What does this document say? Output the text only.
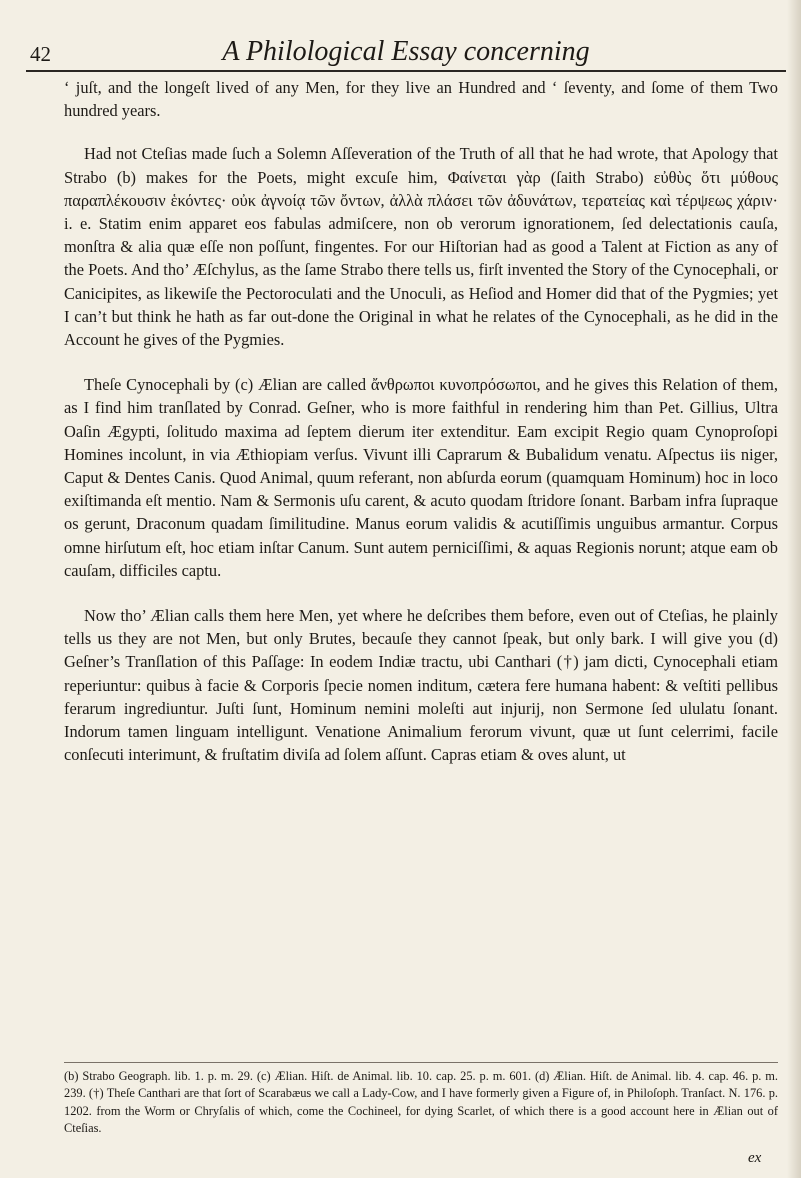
42	A Philological Essay concerning

‘ juſt, and the longeſt lived of any Men, for they live an Hundred and ‘ ſeventy, and ſome of them Two hundred years.

Had not Cteſias made ſuch a Solemn Aſſeveration of the Truth of all that he had wrote, that Apology that Strabo (b) makes for the Poets, might excuſe him, Φαίνεται γὰρ (ſaith Strabo) εὐθὺς ὅτι μύθους παραπλέκουσιν ἑκόντες· οὐκ ἀγνοίᾳ τῶν ὄντων, ἀλλὰ πλάσει τῶν ἀδυνάτων, τερατείας καὶ τέρψεως χάριν· i. e. Statim enim apparet eos fabulas admiſcere, non ob verorum ignorationem, ſed delectationis cauſa, monſtra & alia quæ eſſe non poſſunt, fingentes. For our Hiſtorian had as good a Talent at Fiction as any of the Poets. And tho’ Æſchylus, as the ſame Strabo there tells us, firſt invented the Story of the Cynocephali, or Canicipites, as likewiſe the Pectoroculati and the Unoculi, as Heſiod and Homer did that of the Pygmies; yet I can’t but think he hath as far out-done the Original in what he relates of the Cynocephali, as he did in the Account he gives of the Pygmies.

Theſe Cynocephali by (c) Ælian are called ἄνθρωποι κυνοπρόσωποι, and he gives this Relation of them, as I find him tranſlated by Conrad. Geſner, who is more faithful in rendering him than Pet. Gillius, Ultra Oaſin Ægypti, ſolitudo maxima ad ſeptem dierum iter extenditur. Eam excipit Regio quam Cynoproſopi Homines incolunt, in via Æthiopiam verſus. Vivunt illi Caprarum & Bubalidum venatu. Aſpectus iis niger, Caput & Dentes Canis. Quod Animal, quum referant, non abſurda eorum (quamquam Hominum) hoc in loco exiſtimanda eſt mentio. Nam & Sermonis uſu carent, & acuto quodam ſtridore ſonant. Barbam infra ſupraque os gerunt, Draconum quadam ſimilitudine. Manus eorum validis & acutiſſimis unguibus armantur. Corpus omne hirſutum eſt, hoc etiam inſtar Canum. Sunt autem perniciſſimi, & aquas Regionis norunt; atque eam ob cauſam, difficiles captu.

Now tho’ Ælian calls them here Men, yet where he deſcribes them before, even out of Cteſias, he plainly tells us they are not Men, but only Brutes, becauſe they cannot ſpeak, but only bark. I will give you (d) Geſner’s Tranſlation of this Paſſage: In eodem Indiæ tractu, ubi Canthari (†) jam dicti, Cynocephali etiam reperiuntur: quibus à facie & Corporis ſpecie nomen inditum, cætera fere humana habent: & veſtiti pellibus ferarum ingrediuntur. Juſti ſunt, Hominum nemini moleſti aut injurij, non Sermone ſed ululatu ſonant. Indorum tamen linguam intelligunt. Venatione Animalium ferorum vivunt, quæ ut ſunt celerrimi, facile conſecuti interimunt, & fruſtatim diviſa ad ſolem aſſunt. Capras etiam & oves alunt, ut

(b) Strabo Geograph. lib. 1. p. m. 29. (c) Ælian. Hiſt. de Animal. lib. 10. cap. 25. p. m. 601. (d) Ælian. Hiſt. de Animal. lib. 4. cap. 46. p. m. 239. (†) Theſe Canthari are that ſort of Scarabæus we call a Lady-Cow, and I have formerly given a Figure of, in Philoſoph. Tranſact. N. 176. p. 1202. from the Worm or Chryſalis of which, come the Cochineel, for dying Scarlet, of which there is a good account here in Ælian out of Cteſias.
ex
